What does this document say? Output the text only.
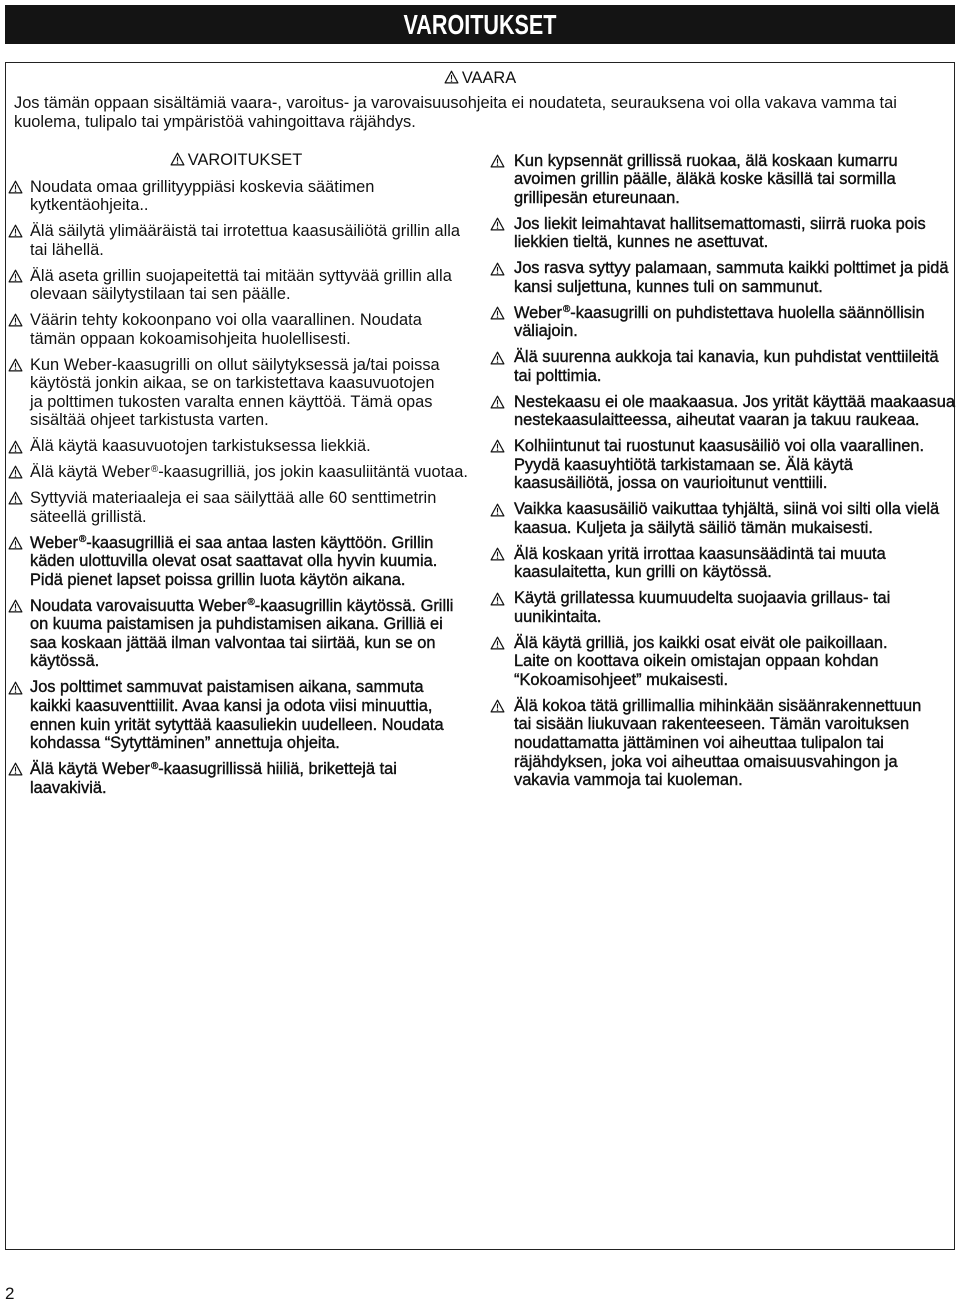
VAROITUKSET
VAARA
Jos tämän oppaan sisältämiä vaara-, varoitus- ja varovaisuusohjeita ei noudateta, seurauksena voi olla vakava vamma tai
kuolema, tulipalo tai ympäristöä vahingoittava räjähdys.
VAROITUKSET
Noudata omaa grillityyppiäsi koskevia säätimen
kytkentäohjeita..
Älä säilytä ylimääräistä tai irrotettua kaasusäiliötä grillin alla
tai lähellä.
Älä aseta grillin suojapeitettä tai mitään syttyvää grillin alla
olevaan säilytystilaan tai sen päälle.
Väärin tehty kokoonpano voi olla vaarallinen. Noudata
tämän oppaan kokoamisohjeita huolellisesti.
Kun Weber-kaasugrilli on ollut säilytyksessä ja/tai poissa
käytöstä jonkin aikaa, se on tarkistettava kaasuvuotojen
ja polttimen tukosten varalta ennen käyttöä. Tämä opas
sisältää ohjeet tarkistusta varten.
Älä käytä kaasuvuotojen tarkistuksessa liekkiä.
Älä käytä Weber®-kaasugrilliä, jos jokin kaasuliitäntä vuotaa.
Syttyviä materiaaleja ei saa säilyttää alle 60 senttimetrin
säteellä grillistä.
Weber®-kaasugrilliä ei saa antaa lasten käyttöön. Grillin
käden ulottuvilla olevat osat saattavat olla hyvin kuumia.
Pidä pienet lapset poissa grillin luota käytön aikana.
Noudata varovaisuutta Weber®-kaasugrillin käytössä. Grilli
on kuuma paistamisen ja puhdistamisen aikana. Grilliä ei
saa koskaan jättää ilman valvontaa tai siirtää, kun se on
käytössä.
Jos polttimet sammuvat paistamisen aikana, sammuta
kaikki kaasuventtiilit. Avaa kansi ja odota viisi minuuttia,
ennen kuin yrität sytyttää kaasuliekin uudelleen. Noudata
kohdassa “Sytyttäminen” annettuja ohjeita.
Älä käytä Weber®-kaasugrillissä hiiliä, brikettejä tai
laavakiviä.
Kun kypsennät grillissä ruokaa, älä koskaan kumarru
avoimen grillin päälle, äläkä koske käsillä tai sormilla
grillipesän etureunaan.
Jos liekit leimahtavat hallitsemattomasti, siirrä ruoka pois
liekkien tieltä, kunnes ne asettuvat.
Jos rasva syttyy palamaan, sammuta kaikki polttimet ja pidä
kansi suljettuna, kunnes tuli on sammunut.
Weber®-kaasugrilli on puhdistettava huolella säännöllisin
väliajoin.
Älä suurenna aukkoja tai kanavia, kun puhdistat venttiileitä
tai polttimia.
Nestekaasu ei ole maakaasua. Jos yrität käyttää maakaasua
nestekaasulaitteessa, aiheutat vaaran ja takuu raukeaa.
Kolhiintunut tai ruostunut kaasusäiliö voi olla vaarallinen.
Pyydä kaasuyhtiötä tarkistamaan se. Älä käytä
kaasusäiliötä, jossa on vaurioitunut venttiili.
Vaikka kaasusäiliö vaikuttaa tyhjältä, siinä voi silti olla vielä
kaasua. Kuljeta ja säilytä säiliö tämän mukaisesti.
Älä koskaan yritä irrottaa kaasunsäädintä tai muuta
kaasulaitetta, kun grilli on käytössä.
Käytä grillatessa kuumuudelta suojaavia grillaus- tai
uunikintaita.
Älä käytä grilliä, jos kaikki osat eivät ole paikoillaan.
Laite on koottava oikein omistajan oppaan kohdan
“Kokoamisohjeet” mukaisesti.
Älä kokoa tätä grillimallia mihinkään sisäänrakennettuun
tai sisään liukuvaan rakenteeseen. Tämän varoituksen
noudattamatta jättäminen voi aiheuttaa tulipalon tai
räjähdyksen, joka voi aiheuttaa omaisuusvahingon ja
vakavia vammoja tai kuoleman.
2
